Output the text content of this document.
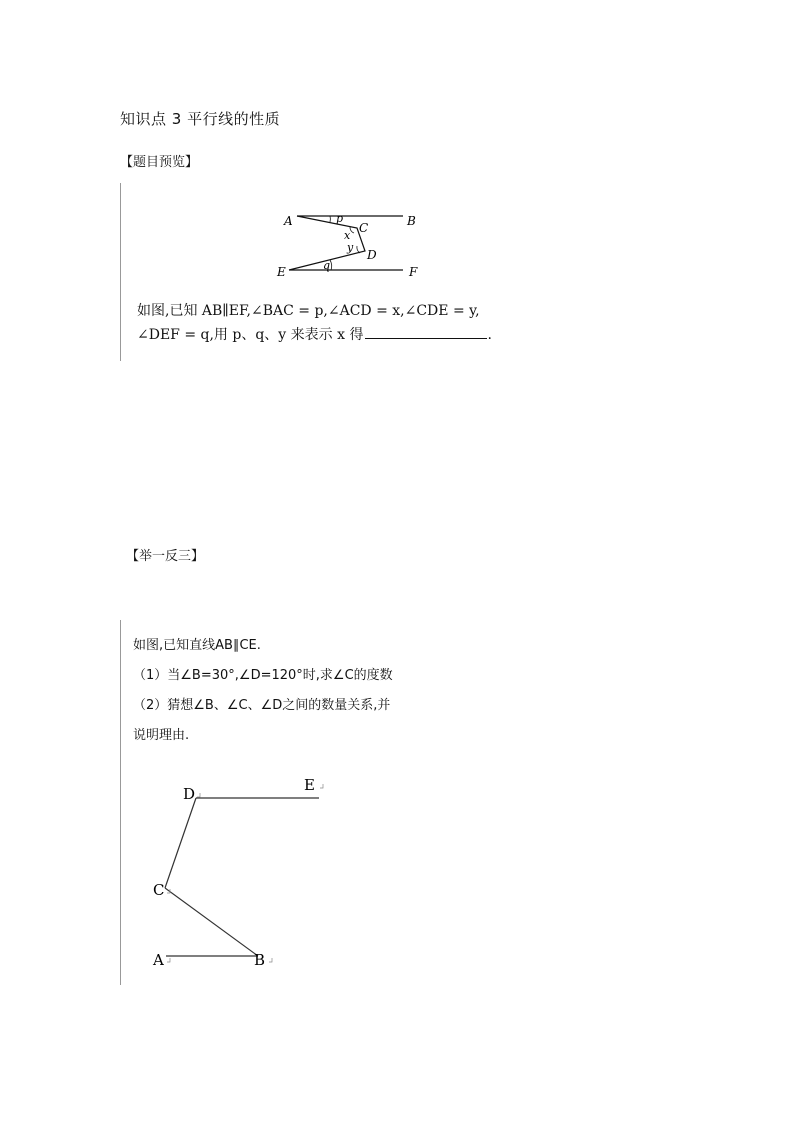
知识点 3 平行线的性质
【题目预览】
A	B
C
D
E	F
p
x
y
q
如图,已知 AB∥EF,∠BAC = p,∠ACD = x,∠CDE = y,
∠DEF = q,用 p、q、y 来表示 x 得	.
【举一反三】
如图,已知直线AB∥CE.
（1）当∠B=30°,∠D=120°时,求∠C的度数
（2）猜想∠B、∠C、∠D之间的数量关系,并
说明理由.
D	E
C
A	B
